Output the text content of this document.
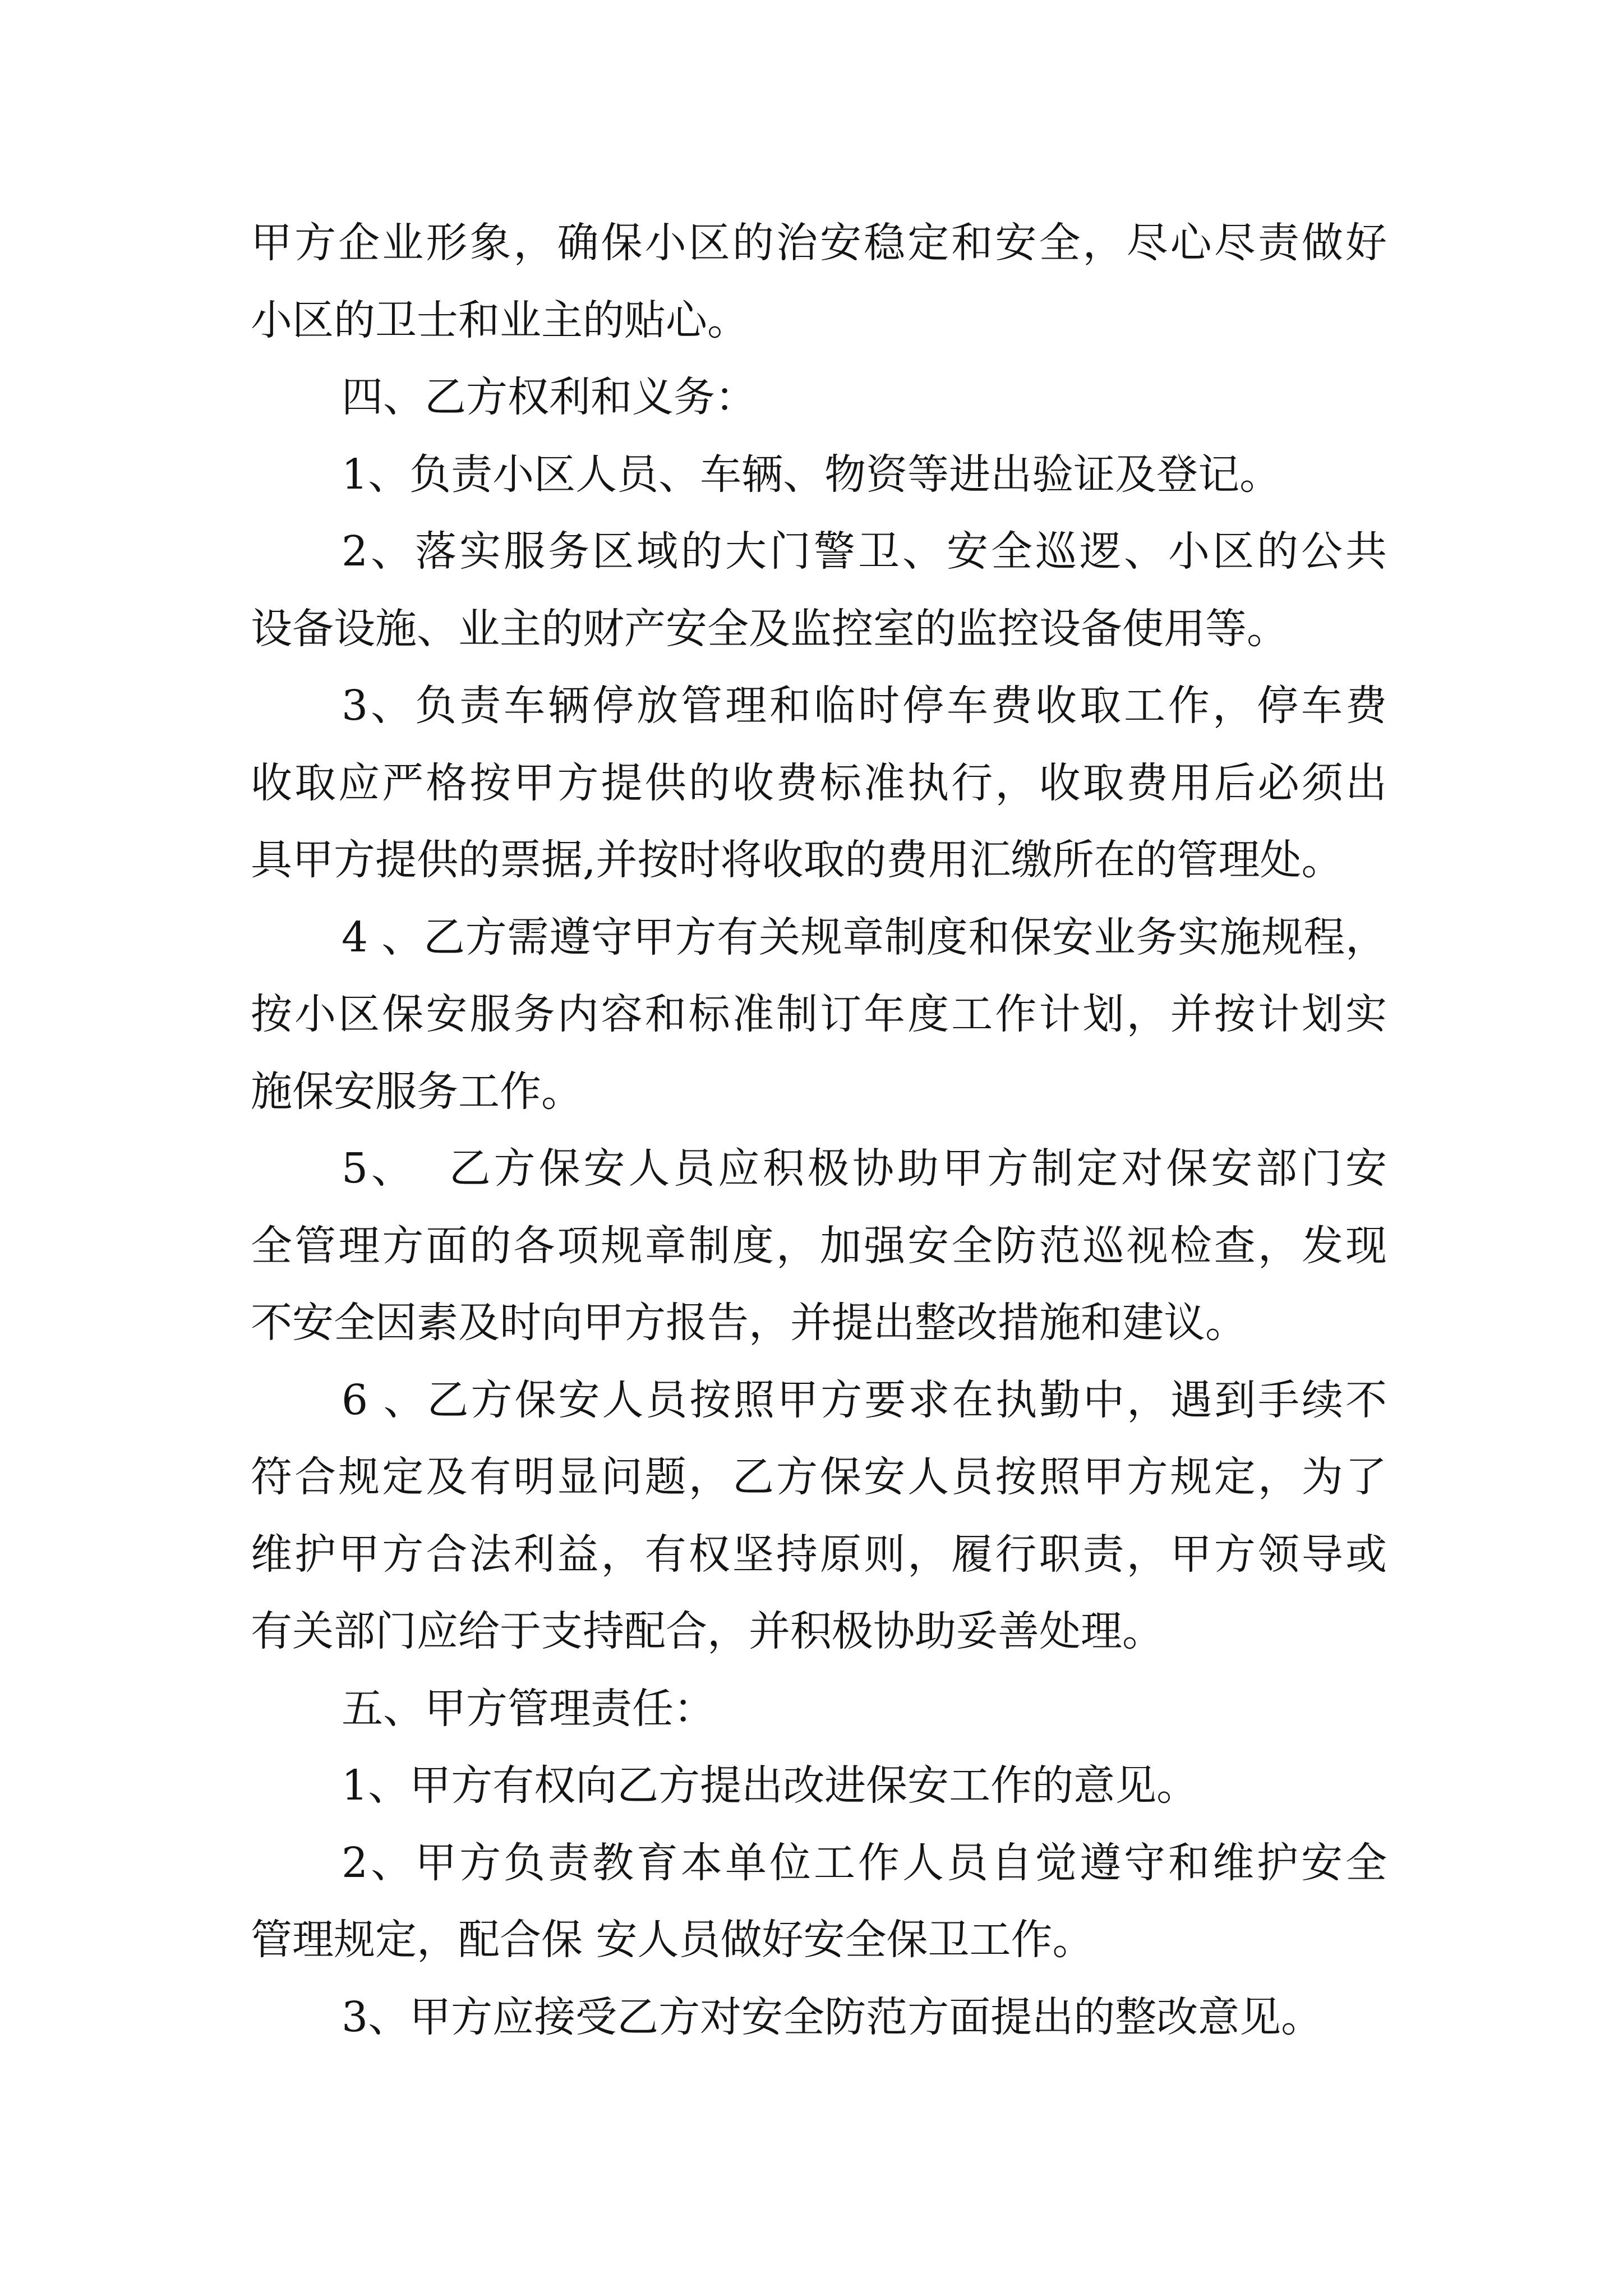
甲方企业形象，确保小区的治安稳定和安全，尽心尽责做好
小区的卫士和业主的贴心。
四、乙方权利和义务：
1、负责小区人员、车辆、物资等进出验证及登记。
2、落实服务区域的大门警卫、安全巡逻、小区的公共
设备设施、业主的财产安全及监控室的监控设备使用等。
3、负责车辆停放管理和临时停车费收取工作，停车费
收取应严格按甲方提供的收费标准执行，收取费用后必须出
具甲方提供的票据,并按时将收取的费用汇缴所在的管理处。
4 、乙方需遵守甲方有关规章制度和保安业务实施规程，
按小区保安服务内容和标准制订年度工作计划，并按计划实
施保安服务工作。
5、  乙方保安人员应积极协助甲方制定对保安部门安
全管理方面的各项规章制度，加强安全防范巡视检查，发现
不安全因素及时向甲方报告，并提出整改措施和建议。
6 、乙方保安人员按照甲方要求在执勤中，遇到手续不
符合规定及有明显问题，乙方保安人员按照甲方规定，为了
维护甲方合法利益，有权坚持原则，履行职责，甲方领导或
有关部门应给于支持配合，并积极协助妥善处理。
五、甲方管理责任：
1、甲方有权向乙方提出改进保安工作的意见。
2、甲方负责教育本单位工作人员自觉遵守和维护安全
管理规定，配合保 安人员做好安全保卫工作。
3、甲方应接受乙方对安全防范方面提出的整改意见。
